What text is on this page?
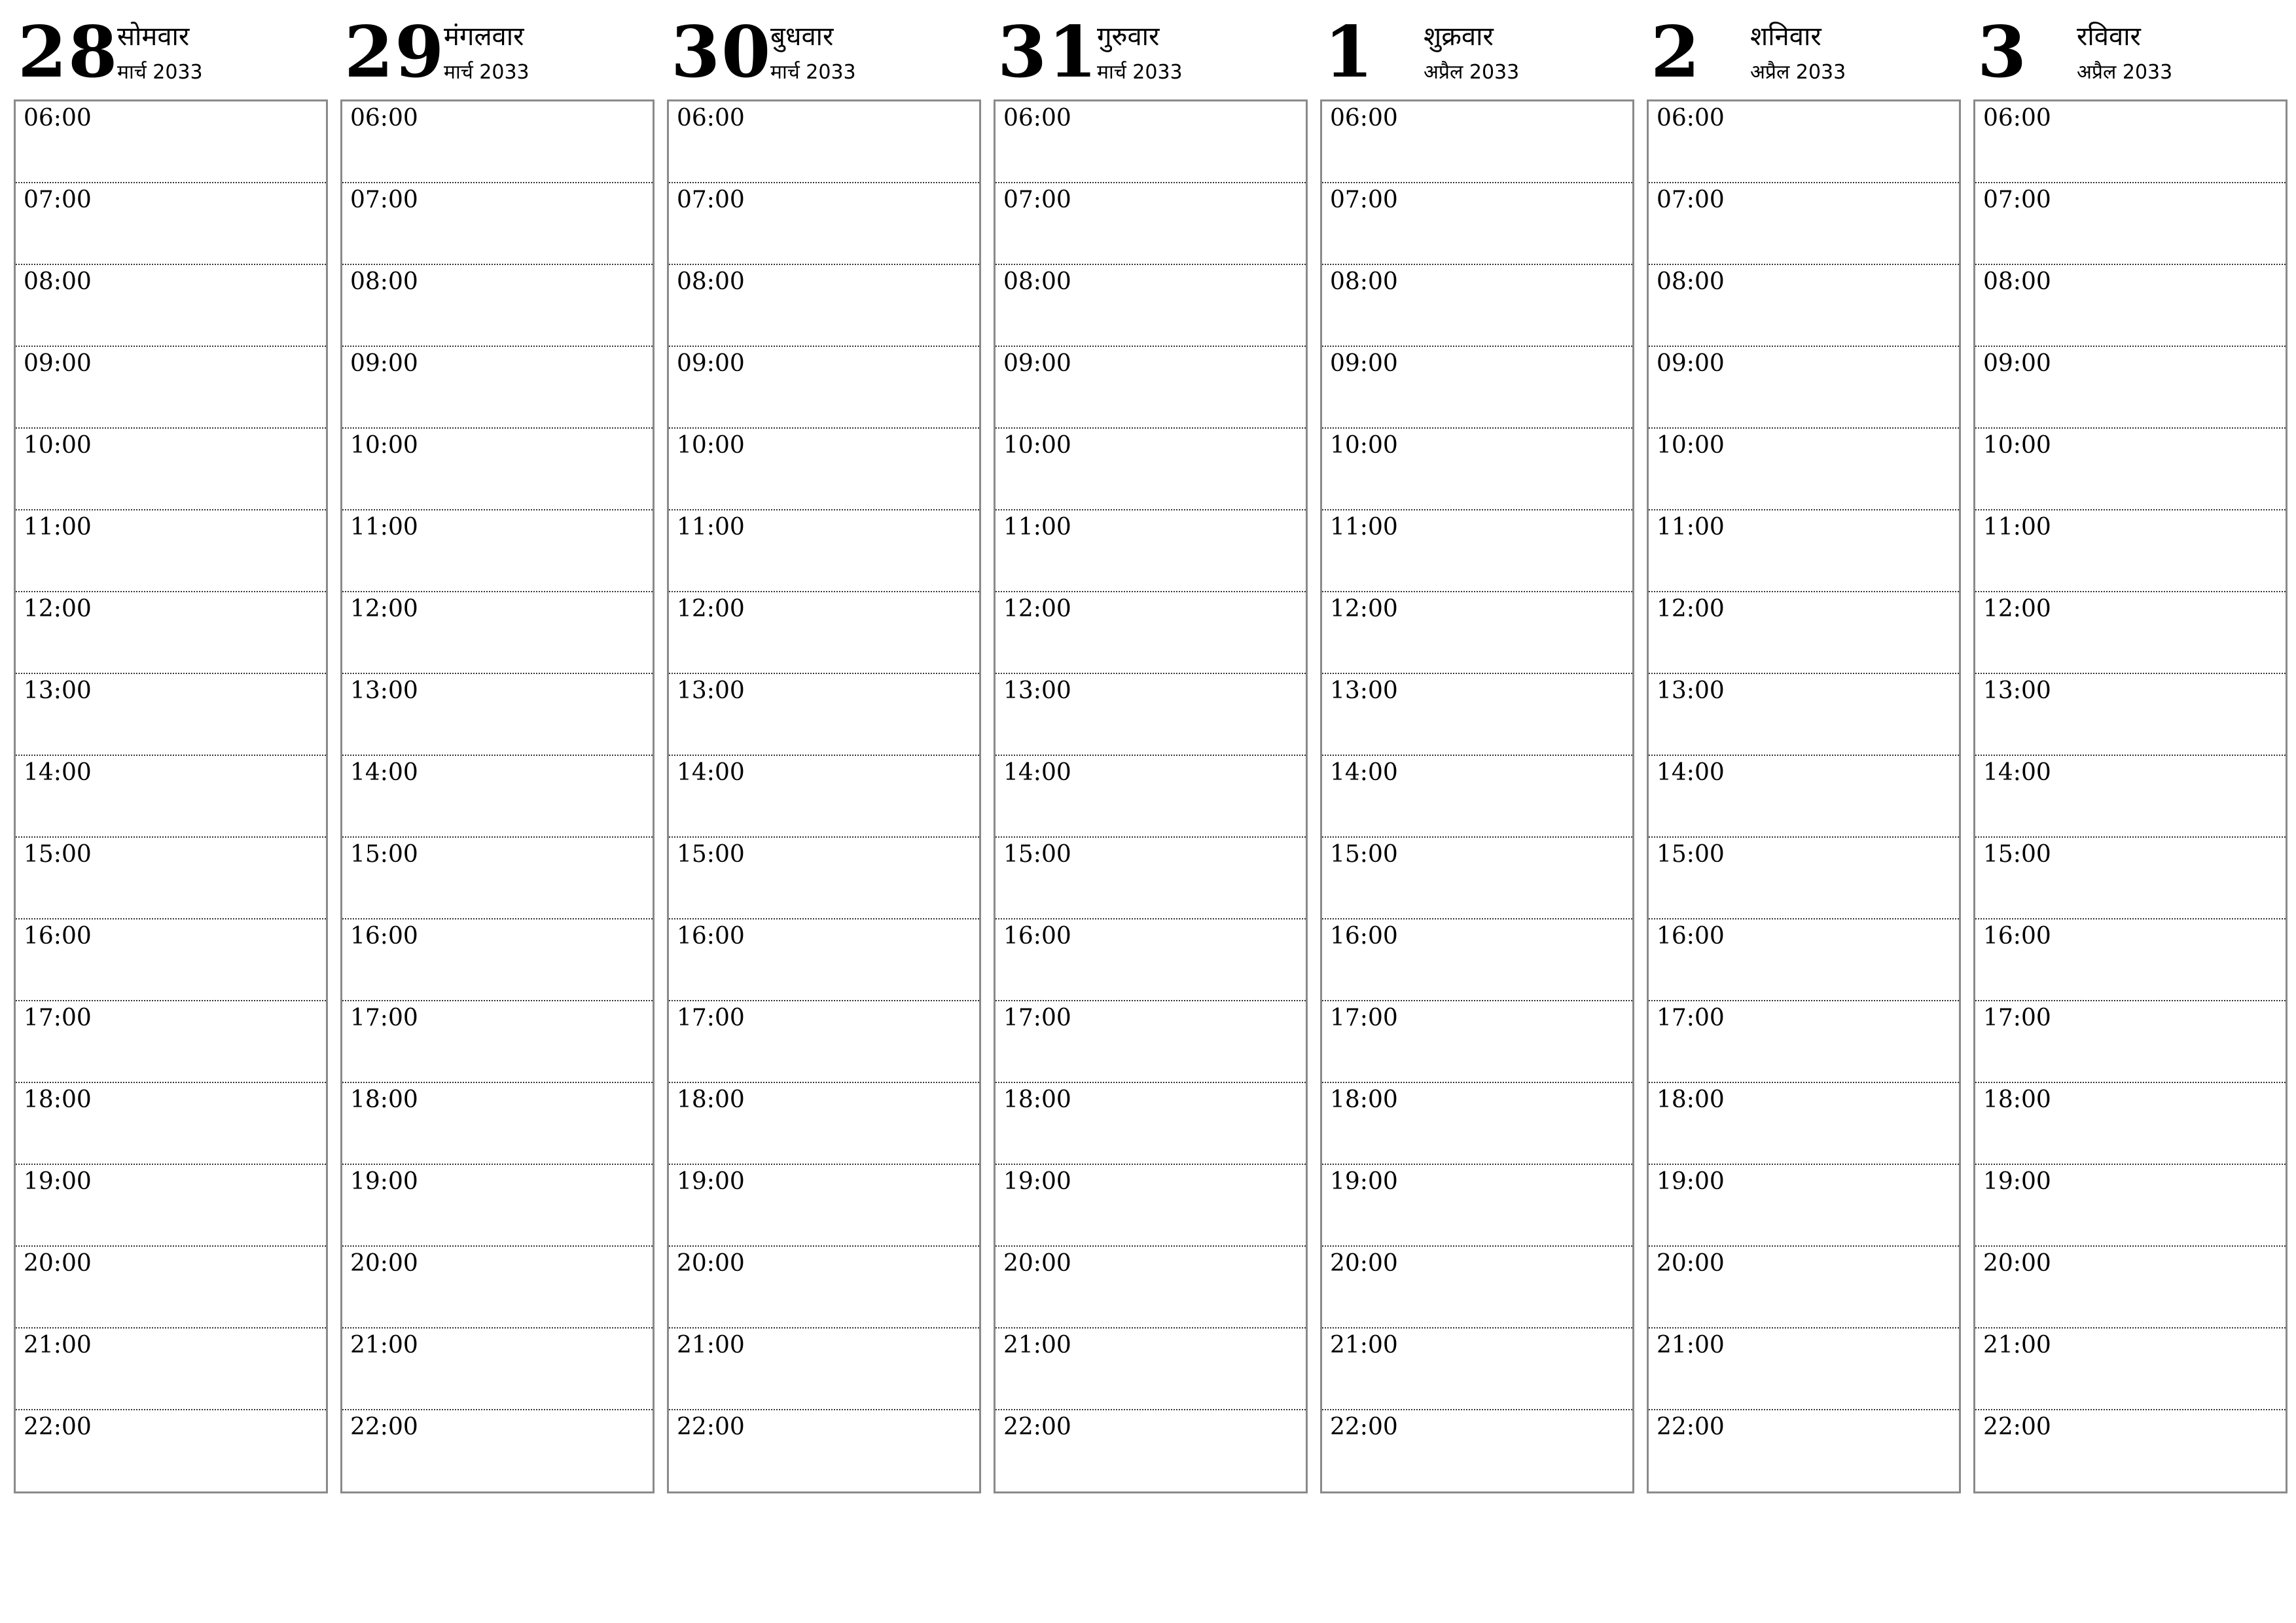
28
सोमवार
मार्च 2033
06:00
07:00
08:00
09:00
10:00
11:00
12:00
13:00
14:00
15:00
16:00
17:00
18:00
19:00
20:00
21:00
22:00
29
मंगलवार
मार्च 2033
06:00
07:00
08:00
09:00
10:00
11:00
12:00
13:00
14:00
15:00
16:00
17:00
18:00
19:00
20:00
21:00
22:00
30
बुधवार
मार्च 2033
06:00
07:00
08:00
09:00
10:00
11:00
12:00
13:00
14:00
15:00
16:00
17:00
18:00
19:00
20:00
21:00
22:00
31
गुरुवार
मार्च 2033
06:00
07:00
08:00
09:00
10:00
11:00
12:00
13:00
14:00
15:00
16:00
17:00
18:00
19:00
20:00
21:00
22:00
1 शुक्रवार
अप्रैल 2033
06:00
07:00
08:00
09:00
10:00
11:00
12:00
13:00
14:00
15:00
16:00
17:00
18:00
19:00
20:00
21:00
22:00
2 शनिवार
अप्रैल 2033
06:00
07:00
08:00
09:00
10:00
11:00
12:00
13:00
14:00
15:00
16:00
17:00
18:00
19:00
20:00
21:00
22:00
3 रविवार
अप्रैल 2033
06:00
07:00
08:00
09:00
10:00
11:00
12:00
13:00
14:00
15:00
16:00
17:00
18:00
19:00
20:00
21:00
22:00
